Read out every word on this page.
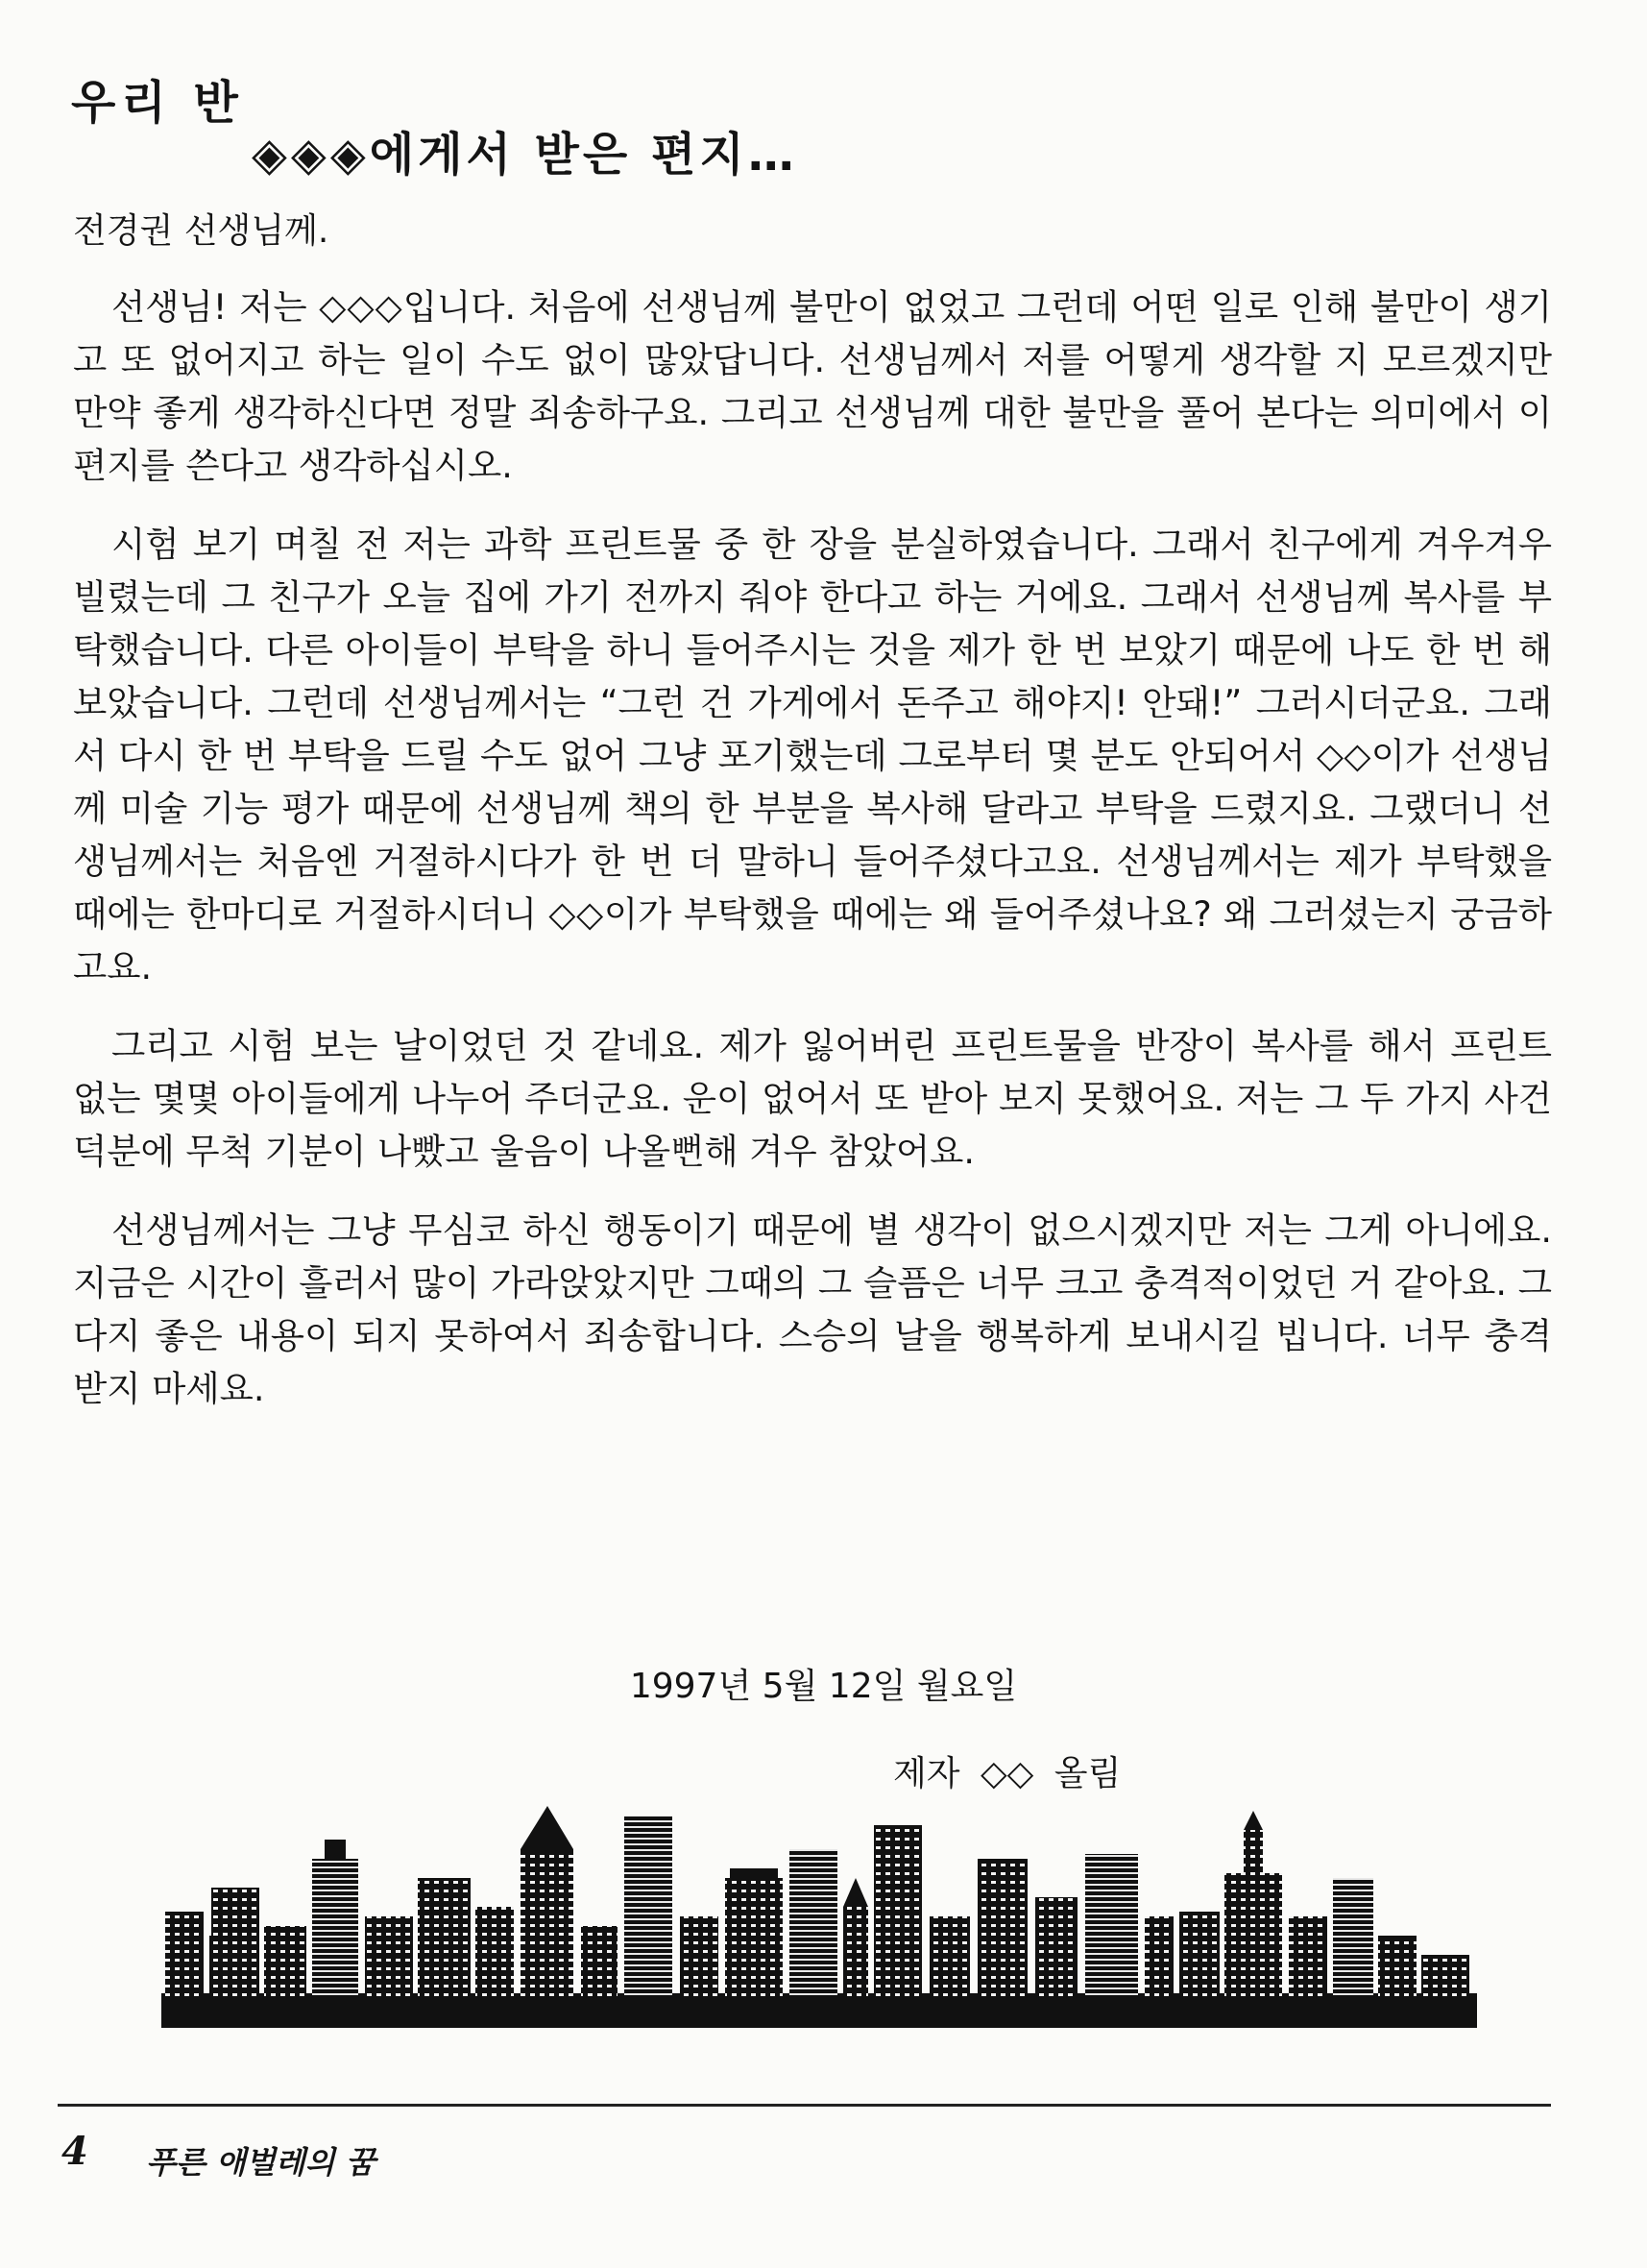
우리 반
◈◈◈에게서 받은 편지…
전경권 선생님께.

선생님! 저는 ◇◇◇입니다. 처음에 선생님께 불만이 없었고 그런데 어떤 일로 인해 불만이 생기고 또 없어지고 하는 일이 수도 없이 많았답니다. 선생님께서 저를 어떻게 생각할 지 모르겠지만 만약 좋게 생각하신다면 정말 죄송하구요. 그리고 선생님께 대한 불만을 풀어 본다는 의미에서 이 편지를 쓴다고 생각하십시오.

시험 보기 며칠 전 저는 과학 프린트물 중 한 장을 분실하였습니다. 그래서 친구에게 겨우겨우 빌렸는데 그 친구가 오늘 집에 가기 전까지 줘야 한다고 하는 거에요. 그래서 선생님께 복사를 부탁했습니다. 다른 아이들이 부탁을 하니 들어주시는 것을 제가 한 번 보았기 때문에 나도 한 번 해보았습니다. 그런데 선생님께서는 “그런 건 가게에서 돈주고 해야지! 안돼!” 그러시더군요. 그래서 다시 한 번 부탁을 드릴 수도 없어 그냥 포기했는데 그로부터 몇 분도 안되어서 ◇◇이가 선생님께 미술 기능 평가 때문에 선생님께 책의 한 부분을 복사해 달라고 부탁을 드렸지요. 그랬더니 선생님께서는 처음엔 거절하시다가 한 번 더 말하니 들어주셨다고요. 선생님께서는 제가 부탁했을 때에는 한마디로 거절하시더니 ◇◇이가 부탁했을 때에는 왜 들어주셨나요? 왜 그러셨는지 궁금하고요.

그리고 시험 보는 날이었던 것 같네요. 제가 잃어버린 프린트물을 반장이 복사를 해서 프린트 없는 몇몇 아이들에게 나누어 주더군요. 운이 없어서 또 받아 보지 못했어요. 저는 그 두 가지 사건 덕분에 무척 기분이 나빴고 울음이 나올뻔해 겨우 참았어요.

선생님께서는 그냥 무심코 하신 행동이기 때문에 별 생각이 없으시겠지만 저는 그게 아니에요. 지금은 시간이 흘러서 많이 가라앉았지만 그때의 그 슬픔은 너무 크고 충격적이었던 거 같아요. 그다지 좋은 내용이 되지 못하여서 죄송합니다. 스승의 날을 행복하게 보내시길 빕니다. 너무 충격 받지 마세요.

1997년 5월 12일 월요일
제자 ◇◇ 올림
4 푸른 애벌레의 꿈
